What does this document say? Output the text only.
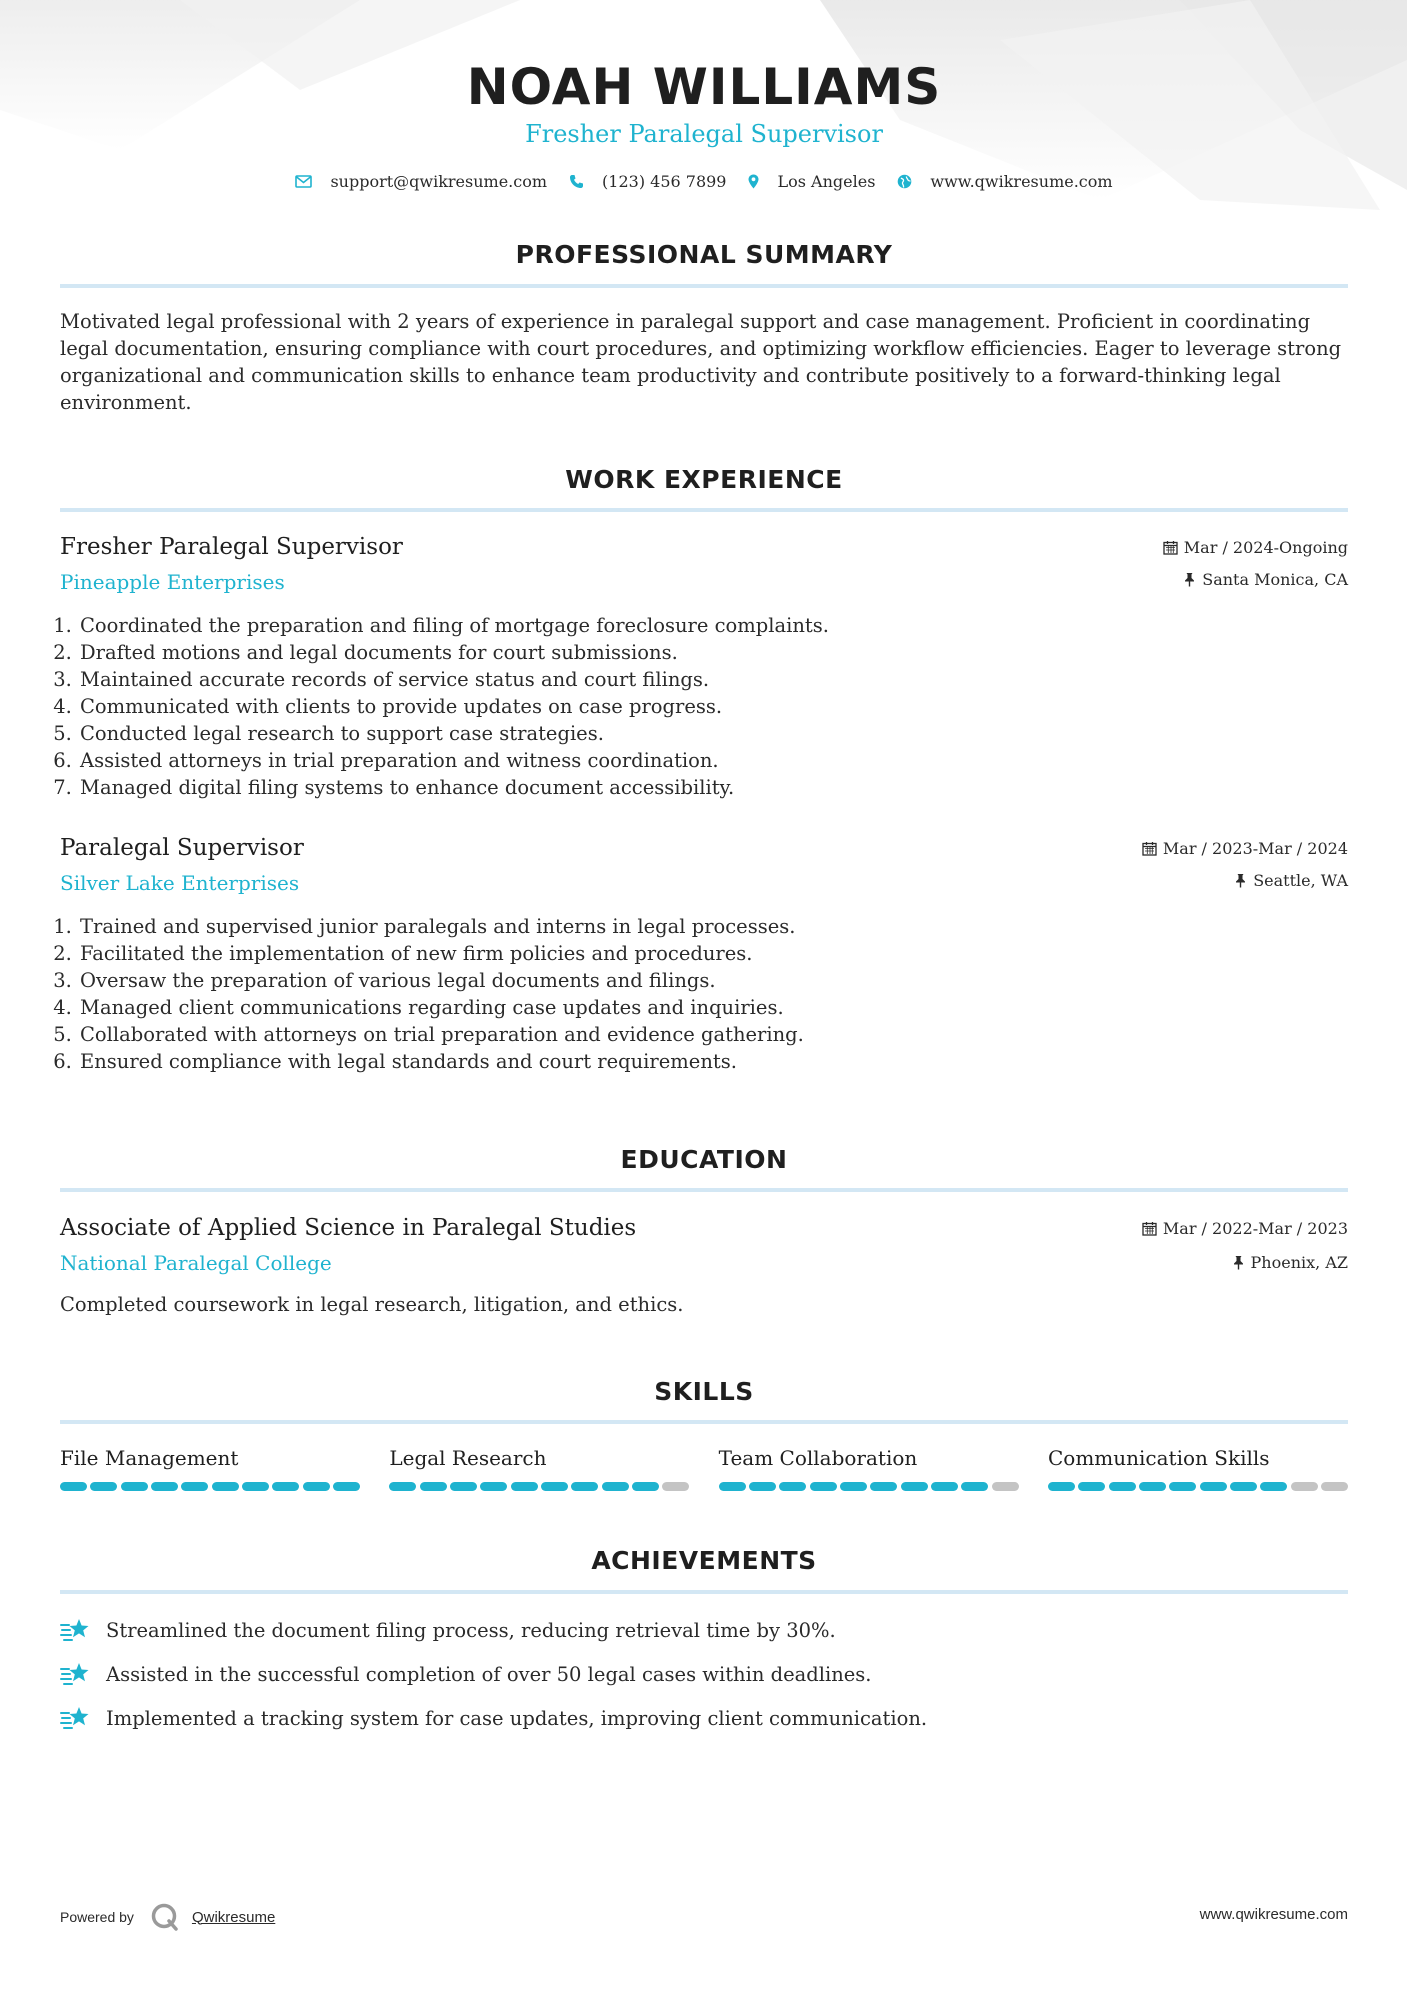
NOAH WILLIAMS
Fresher Paralegal Supervisor
support@qwikresume.com	(123) 456 7899	Los Angeles	www.qwikresume.com
PROFESSIONAL SUMMARY
Motivated legal professional with 2 years of experience in paralegal support and case management. Proficient in coordinating legal documentation, ensuring compliance with court procedures, and optimizing workflow efficiencies. Eager to leverage strong organizational and communication skills to enhance team productivity and contribute positively to a forward-thinking legal environment.
WORK EXPERIENCE
Fresher Paralegal Supervisor
Pineapple Enterprises
Mar / 2024-Ongoing
Santa Monica, CA
1. Coordinated the preparation and filing of mortgage foreclosure complaints.
2. Drafted motions and legal documents for court submissions.
3. Maintained accurate records of service status and court filings.
4. Communicated with clients to provide updates on case progress.
5. Conducted legal research to support case strategies.
6. Assisted attorneys in trial preparation and witness coordination.
7. Managed digital filing systems to enhance document accessibility.
Paralegal Supervisor
Silver Lake Enterprises
Mar / 2023-Mar / 2024
Seattle, WA
1. Trained and supervised junior paralegals and interns in legal processes.
2. Facilitated the implementation of new firm policies and procedures.
3. Oversaw the preparation of various legal documents and filings.
4. Managed client communications regarding case updates and inquiries.
5. Collaborated with attorneys on trial preparation and evidence gathering.
6. Ensured compliance with legal standards and court requirements.
EDUCATION
Associate of Applied Science in Paralegal Studies
National Paralegal College
Mar / 2022-Mar / 2023
Phoenix, AZ
Completed coursework in legal research, litigation, and ethics.
SKILLS
File Management	Legal Research	Team Collaboration	Communication Skills
ACHIEVEMENTS
Streamlined the document filing process, reducing retrieval time by 30%.
Assisted in the successful completion of over 50 legal cases within deadlines.
Implemented a tracking system for case updates, improving client communication.
Powered by	Qwikresume	www.qwikresume.com
